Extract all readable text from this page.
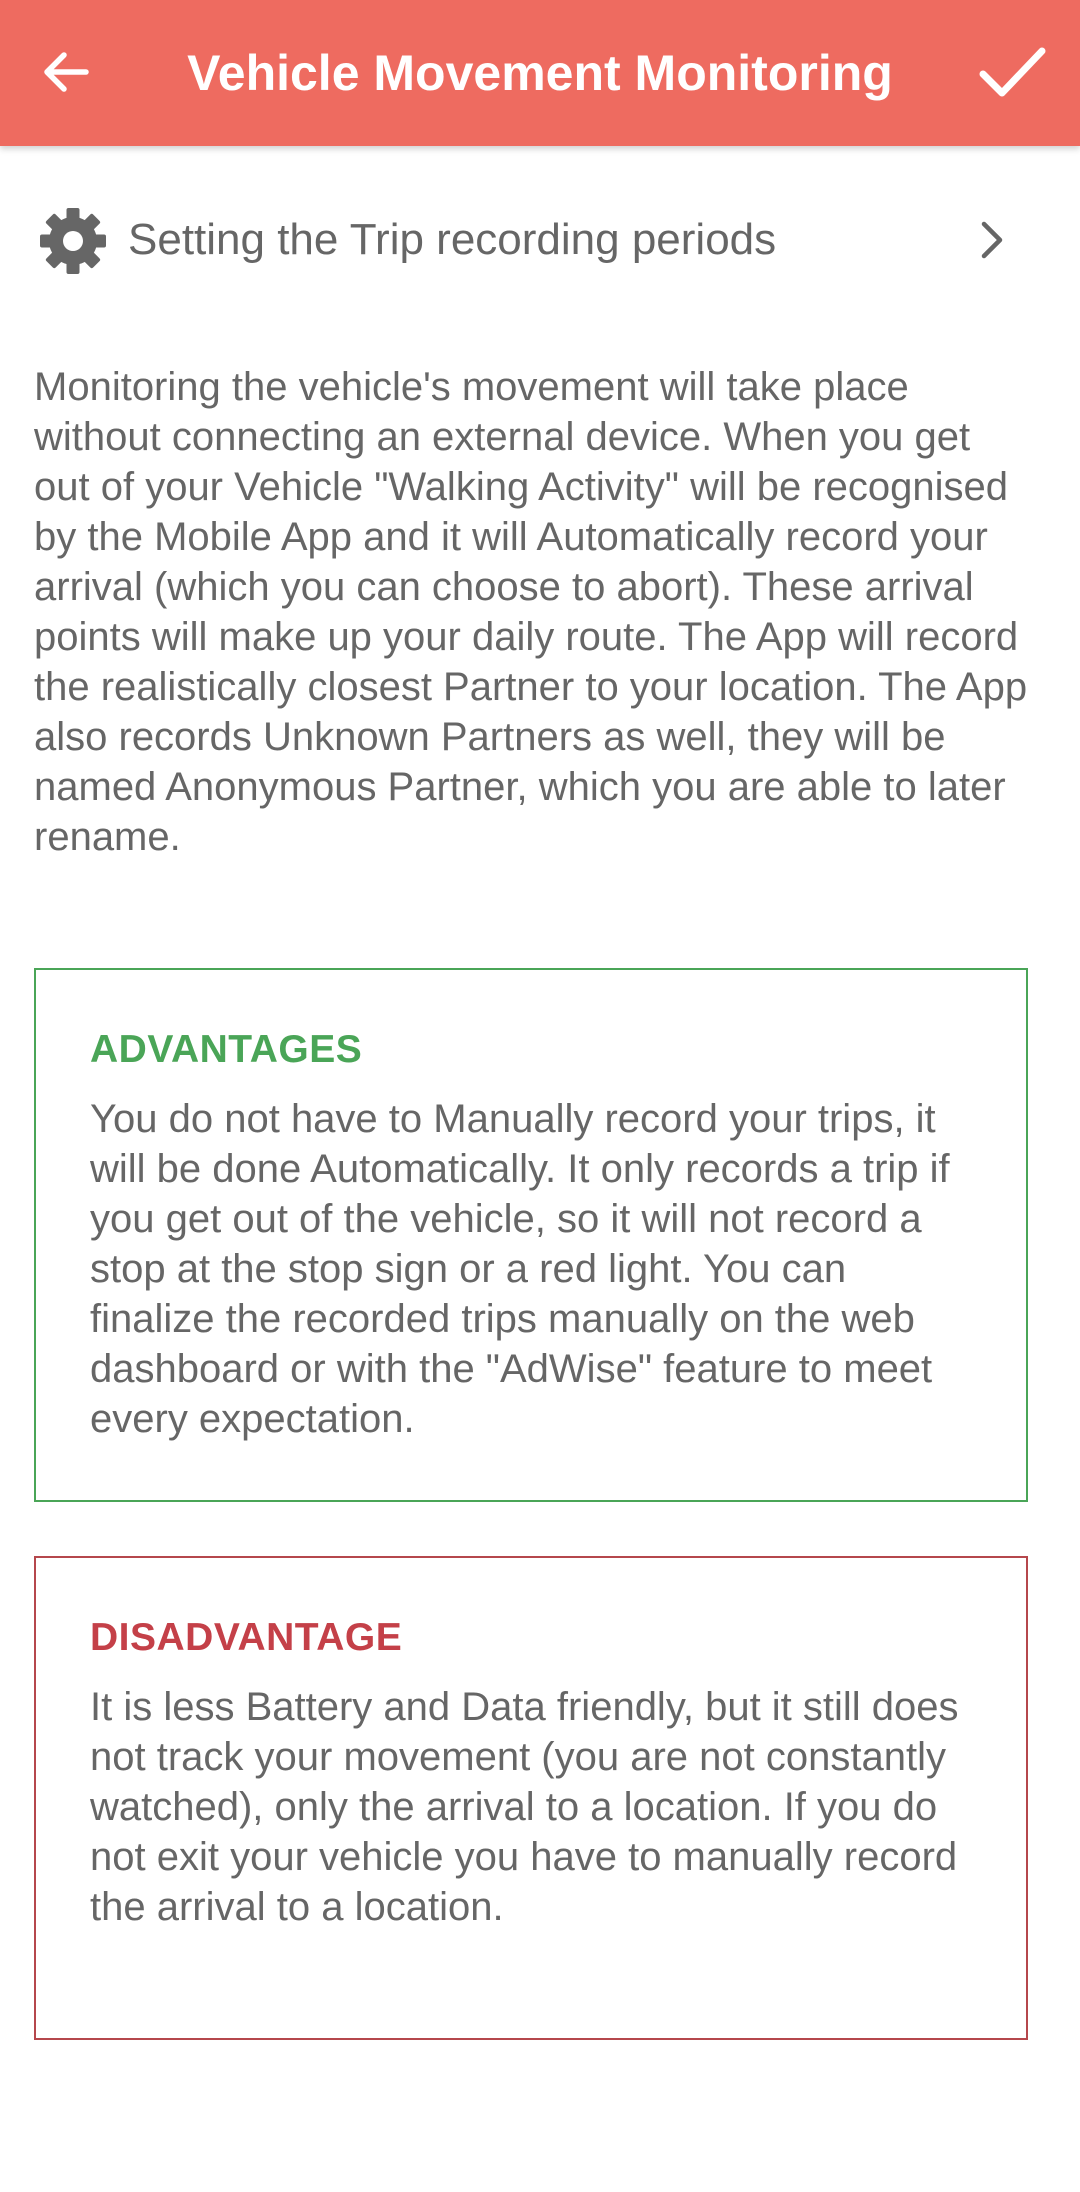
Vehicle Movement Monitoring
Setting the Trip recording periods

Monitoring the vehicle's movement will take place without connecting an external device. When you get out of your Vehicle "Walking Activity" will be recognised by the Mobile App and it will Automatically record your arrival (which you can choose to abort). These arrival points will make up your daily route. The App will record the realistically closest Partner to your location. The App also records Unknown Partners as well, they will be named Anonymous Partner, which you are able to later rename.

ADVANTAGES

You do not have to Manually record your trips, it will be done Automatically. It only records a trip if you get out of the vehicle, so it will not record a stop at the stop sign or a red light. You can finalize the recorded trips manually on the web dashboard or with the "AdWise" feature to meet every expectation.

DISADVANTAGE

It is less Battery and Data friendly, but it still does not track your movement (you are not constantly watched), only the arrival to a location. If you do not exit your vehicle you have to manually record the arrival to a location.
